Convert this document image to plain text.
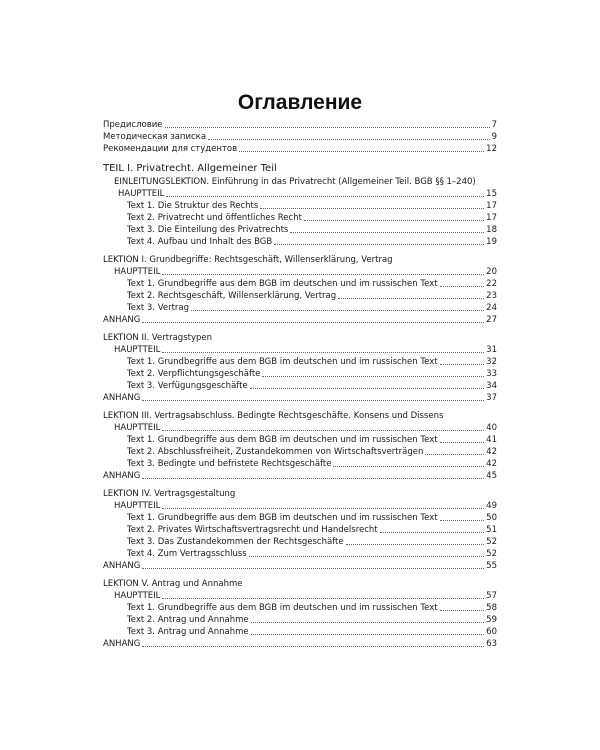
Оглавление
Предисловие	7
Методическая записка	9
Рекомендации для студентов	12
TEIL I. Privatrecht. Allgemeiner Teil
EINLEITUNGSLEKTION. Einführung in das Privatrecht (Allgemeiner Teil. BGB §§ 1–240)
HAUPTTEIL	15
Text 1. Die Struktur des Rechts	17
Text 2. Privatrecht und öffentliches Recht	17
Text 3. Die Einteilung des Privatrechts	18
Text 4. Aufbau und Inhalt des BGB	19
LEKTION I. Grundbegriffe: Rechtsgeschäft, Willenserklärung, Vertrag
HAUPTTEIL	20
Text 1. Grundbegriffe aus dem BGB im deutschen und im russischen Text	22
Text 2. Rechtsgeschäft, Willenserklärung, Vertrag	23
Text 3. Vertrag	24
ANHANG	27
LEKTION II. Vertragstypen
HAUPTTEIL	31
Text 1. Grundbegriffe aus dem BGB im deutschen und im russischen Text	32
Text 2. Verpflichtungsgeschäfte	33
Text 3. Verfügungsgeschäfte	34
ANHANG	37
LEKTION III. Vertragsabschluss. Bedingte Rechtsgeschäfte. Konsens und Dissens
HAUPTTEIL	40
Text 1. Grundbegriffe aus dem BGB im deutschen und im russischen Text	41
Text 2. Abschlussfreiheit, Zustandekommen von Wirtschaftsverträgen	42
Text 3. Bedingte und befristete Rechtsgeschäfte	42
ANHANG	45
LEKTION IV. Vertragsgestaltung
HAUPTTEIL	49
Text 1. Grundbegriffe aus dem BGB im deutschen und im russischen Text	50
Text 2. Privates Wirtschaftsvertragsrecht und Handelsrecht	51
Text 3. Das Zustandekommen der Rechtsgeschäfte	52
Text 4. Zum Vertragsschluss	52
ANHANG	55
LEKTION V. Antrag und Annahme
HAUPTTEIL	57
Text 1. Grundbegriffe aus dem BGB im deutschen und im russischen Text	58
Text 2. Antrag und Annahme	59
Text 3. Antrag und Annahme	60
ANHANG	63
